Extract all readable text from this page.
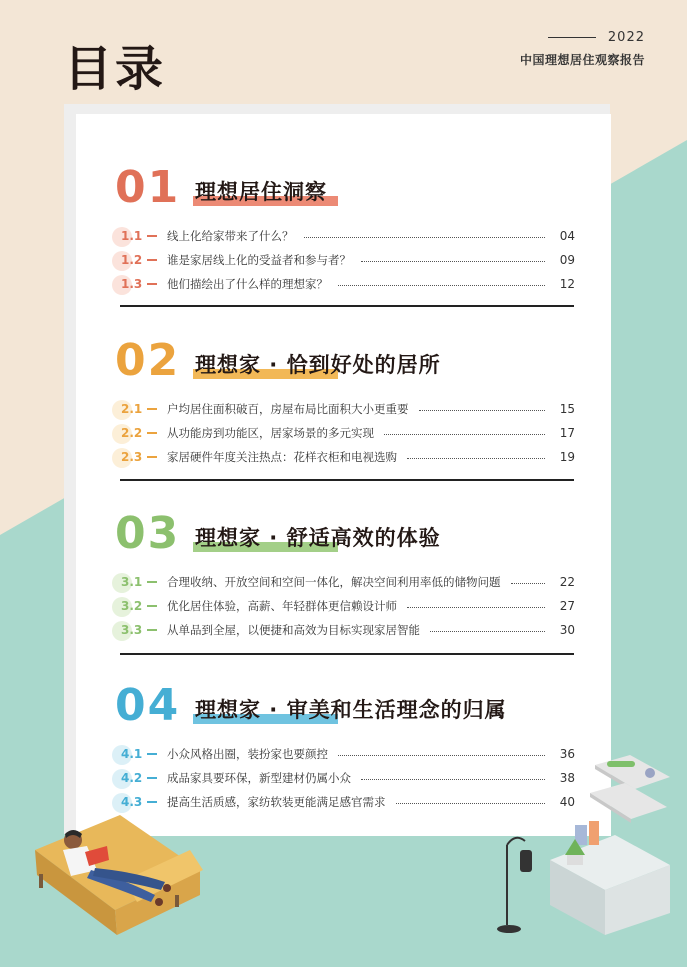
目录
2022
中国理想居住观察报告
01 理想居住洞察
1.1 线上化给家带来了什么？	04
1.2 谁是家居线上化的受益者和参与者？	09
1.3 他们描绘出了什么样的理想家？	12
02 理想家 · 恰到好处的居所
2.1 户均居住面积破百，房屋布局比面积大小更重要	15
2.2 从功能房到功能区，居家场景的多元实现	17
2.3 家居硬件年度关注热点：花样衣柜和电视选购	19
03 理想家 · 舒适高效的体验
3.1 合理收纳、开放空间和空间一体化，解决空间利用率低的储物问题	22
3.2 优化居住体验，高薪、年轻群体更信赖设计师	27
3.3 从单品到全屋，以便捷和高效为目标实现家居智能	30
04 理想家 · 审美和生活理念的归属
4.1 小众风格出圈，装扮家也要颜控	36
4.2 成品家具要环保，新型建材仍属小众	38
4.3 提高生活质感，家纺软装更能满足感官需求	40
